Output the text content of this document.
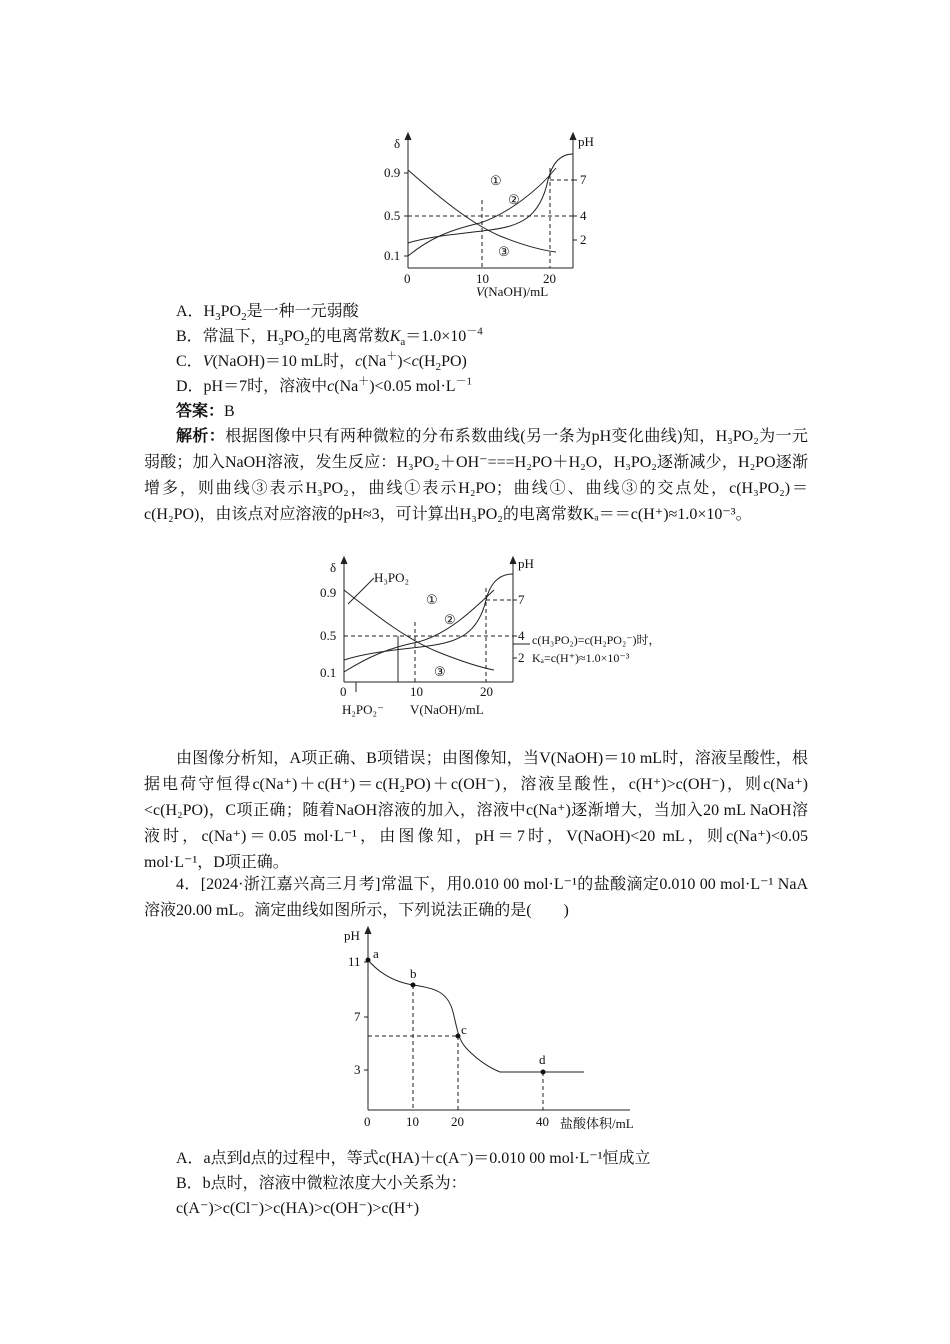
δ	pH
0.9
0.5
0.1
7
4
2
0	10	20
①
②
③
V(NaOH)/mL
A．$H_3PO_2$是一种一元弱酸
B．常温下，$H_3PO_2$的电离常数$K_a=1.0\times 10^{-4}$
C．V(NaOH)＝10 mL时，$c(Na^+)<c(H_2PO)$
D．pH＝7时，溶液中c(Na＋)<0.05 $mol\cdot L^{-1}$
答案：B
解析：根据图像中只有两种微粒的分布系数曲线(另一条为pH变化曲线)知，H₃PO₂为一元弱酸；加入NaOH溶液，发生反应：H₃PO₂＋OH⁻===H₂PO＋H₂O，H₃PO₂逐渐减少，H₂PO逐渐增多，则曲线③表示H₃PO₂，曲线①表示H₂PO；曲线①、曲线③的交点处，c(H₃PO₂)＝c(H₂PO)，由该点对应溶液的pH≈3，可计算出H₃PO₂的电离常数Kₐ＝＝c(H⁺)≈1.0×10⁻³。
δ	pH
H₃PO₂
0.9
0.5
0.1
7
4
2
0	10	20
①
②
③
H₂PO₂⁻ V(NaOH)/mL
c(H₃PO₂)=c(H₂PO₂⁻)时，
Kₐ=c(H⁺)≈1.0×10⁻³
由图像分析知，A项正确、B项错误；由图像知，当V(NaOH)＝10 mL时，溶液呈酸性，根据电荷守恒得c(Na⁺)＋c(H⁺)＝c(H₂PO)＋c(OH⁻)，溶液呈酸性，c(H⁺)>c(OH⁻)，则c(Na⁺)<c(H₂PO)，C项正确；随着NaOH溶液的加入，溶液中c(Na⁺)逐渐增大，当加入20 mL NaOH溶液时，c(Na⁺)＝0.05 mol·L⁻¹，由图像知，pH＝7时，V(NaOH)<20 mL，则c(Na⁺)<0.05 mol·L⁻¹，D项正确。
4．[2024·浙江嘉兴高三月考]常温下，用0.010 00 mol·L⁻¹的盐酸滴定0.010 00 mol·L⁻¹ NaA溶液20.00 mL。滴定曲线如图所示，下列说法正确的是(　　)
pH
11
7
3
0	10 20	40
a
b
c
d
盐酸体积/mL
A．a点到d点的过程中，等式c(HA)＋c(A⁻)＝0.010 00 mol·L⁻¹恒成立
B．b点时，溶液中微粒浓度大小关系为：
c(A⁻)>c(Cl⁻)>c(HA)>c(OH⁻)>c(H⁺)
